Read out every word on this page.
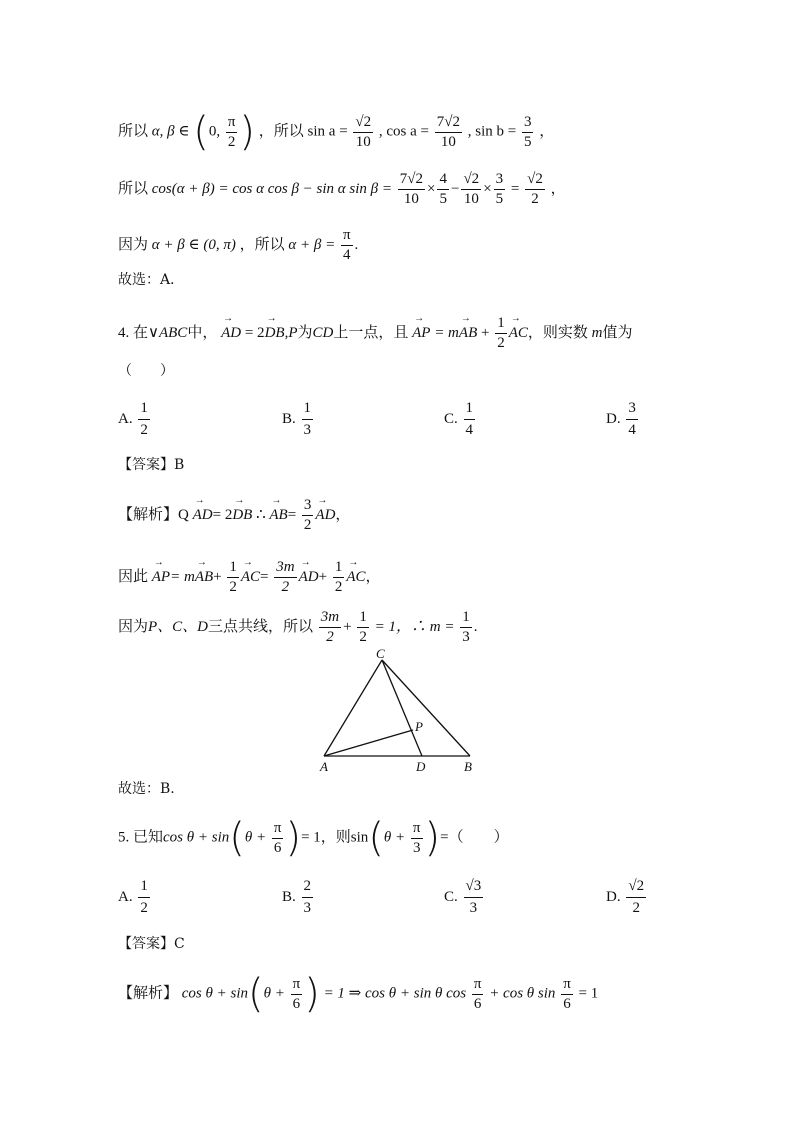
所以 α, β ∈ (0, $\frac{\pi}{2}$ ) ，所以 $\sin a = \frac{√2}{10}$ , $\cos a = \frac{7√2}{10}$ , $\sin b = \frac{3}{5}$ ，
所以 cos(α + β) = cos α cos β − sin α $\sin \beta = \frac{7√2}{10} \times \frac{4}{5} - \frac{√2}{10} \times \frac{3}{5} = \frac{√2}{2}$ ，
因为 α + β ∈ (0, π) ，所以 $\alpha + \beta = \frac{\pi}{4}$ .
故选：A．
4. 在∨ABC中， → AD = 2→ DB,P为CD上一点，且 → AP = m→ AB + $\frac{1}{2}$ → AC，则实数 m值为
（　　）
A. $\frac{1}{2}$	B. $\frac{1}{3}$	C. $\frac{1}{4}$	D. $\frac{3}{4}$
【答案】B
【解析】Q → AD= 2→ DB ∴ → $AB= \frac{3}{2}$ → AD，
因此 → $AP= m\to AB+ \frac{1}{2} \to AC= \frac{3m}{2} \to AD+ \frac{1}{2}$ → AC，
因为P、C、D三点共线，所以 $\frac{3m}{2} + \frac{1}{2} = 1$，∴ $m = \frac{1}{3}$ .
C
P
A	D	B
故选：B.
5. 已知$\cos \theta + \sin(\theta + \frac{\pi}{6}$ )= 1，则$\sin(\theta + \frac{\pi}{3}$ )=（　　）
A. $\frac{1}{2}$	B. $\frac{2}{3}$	C. $\frac{√3}{3}$	D. $\frac{√2}{2}$
【答案】C
【解析】 $\cos \theta + \sin(\theta + \frac{\pi}{6}$ ) = 1 ⇒ cos θ + sin θ $\cos \frac{\pi}{6} + \cos \theta$ $\sin \frac{\pi}{6} = 1$
